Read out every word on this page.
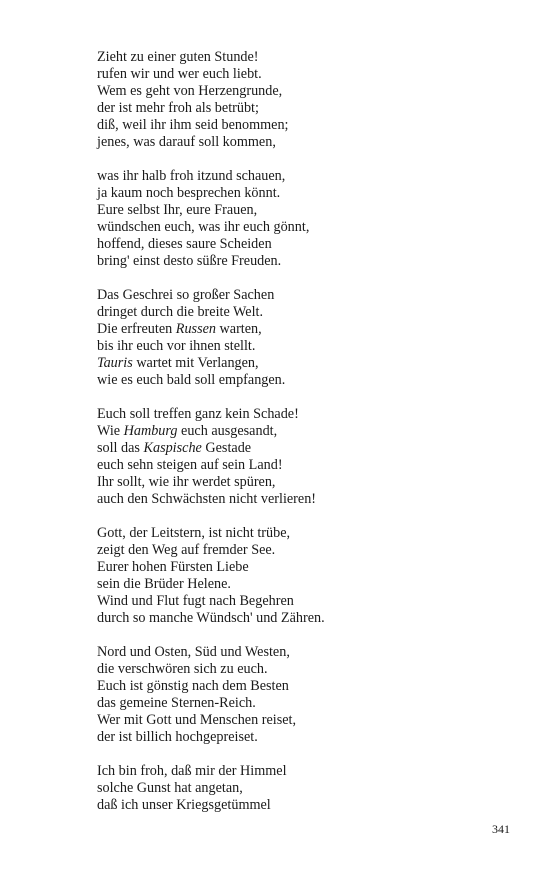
Zieht zu einer guten Stunde!
rufen wir und wer euch liebt.
Wem es geht von Herzengrunde,
der ist mehr froh als betrübt;
diß, weil ihr ihm seid benommen;
jenes, was darauf soll kommen,
was ihr halb froh itzund schauen,
ja kaum noch besprechen könnt.
Eure selbst Ihr, eure Frauen,
wündschen euch, was ihr euch gönnt,
hoffend, dieses saure Scheiden
bring' einst desto süßre Freuden.
Das Geschrei so großer Sachen
dringet durch die breite Welt.
Die erfreuten Russen warten,
bis ihr euch vor ihnen stellt.
Tauris wartet mit Verlangen,
wie es euch bald soll empfangen.
Euch soll treffen ganz kein Schade!
Wie Hamburg euch ausgesandt,
soll das Kaspische Gestade
euch sehn steigen auf sein Land!
Ihr sollt, wie ihr werdet spüren,
auch den Schwächsten nicht verlieren!
Gott, der Leitstern, ist nicht trübe,
zeigt den Weg auf fremder See.
Eurer hohen Fürsten Liebe
sein die Brüder Helene.
Wind und Flut fugt nach Begehren
durch so manche Wündsch' und Zähren.
Nord und Osten, Süd und Westen,
die verschwören sich zu euch.
Euch ist gönstig nach dem Besten
das gemeine Sternen-Reich.
Wer mit Gott und Menschen reiset,
der ist billich hochgepreiset.
Ich bin froh, daß mir der Himmel
solche Gunst hat angetan,
daß ich unser Kriegsgetümmel
341
